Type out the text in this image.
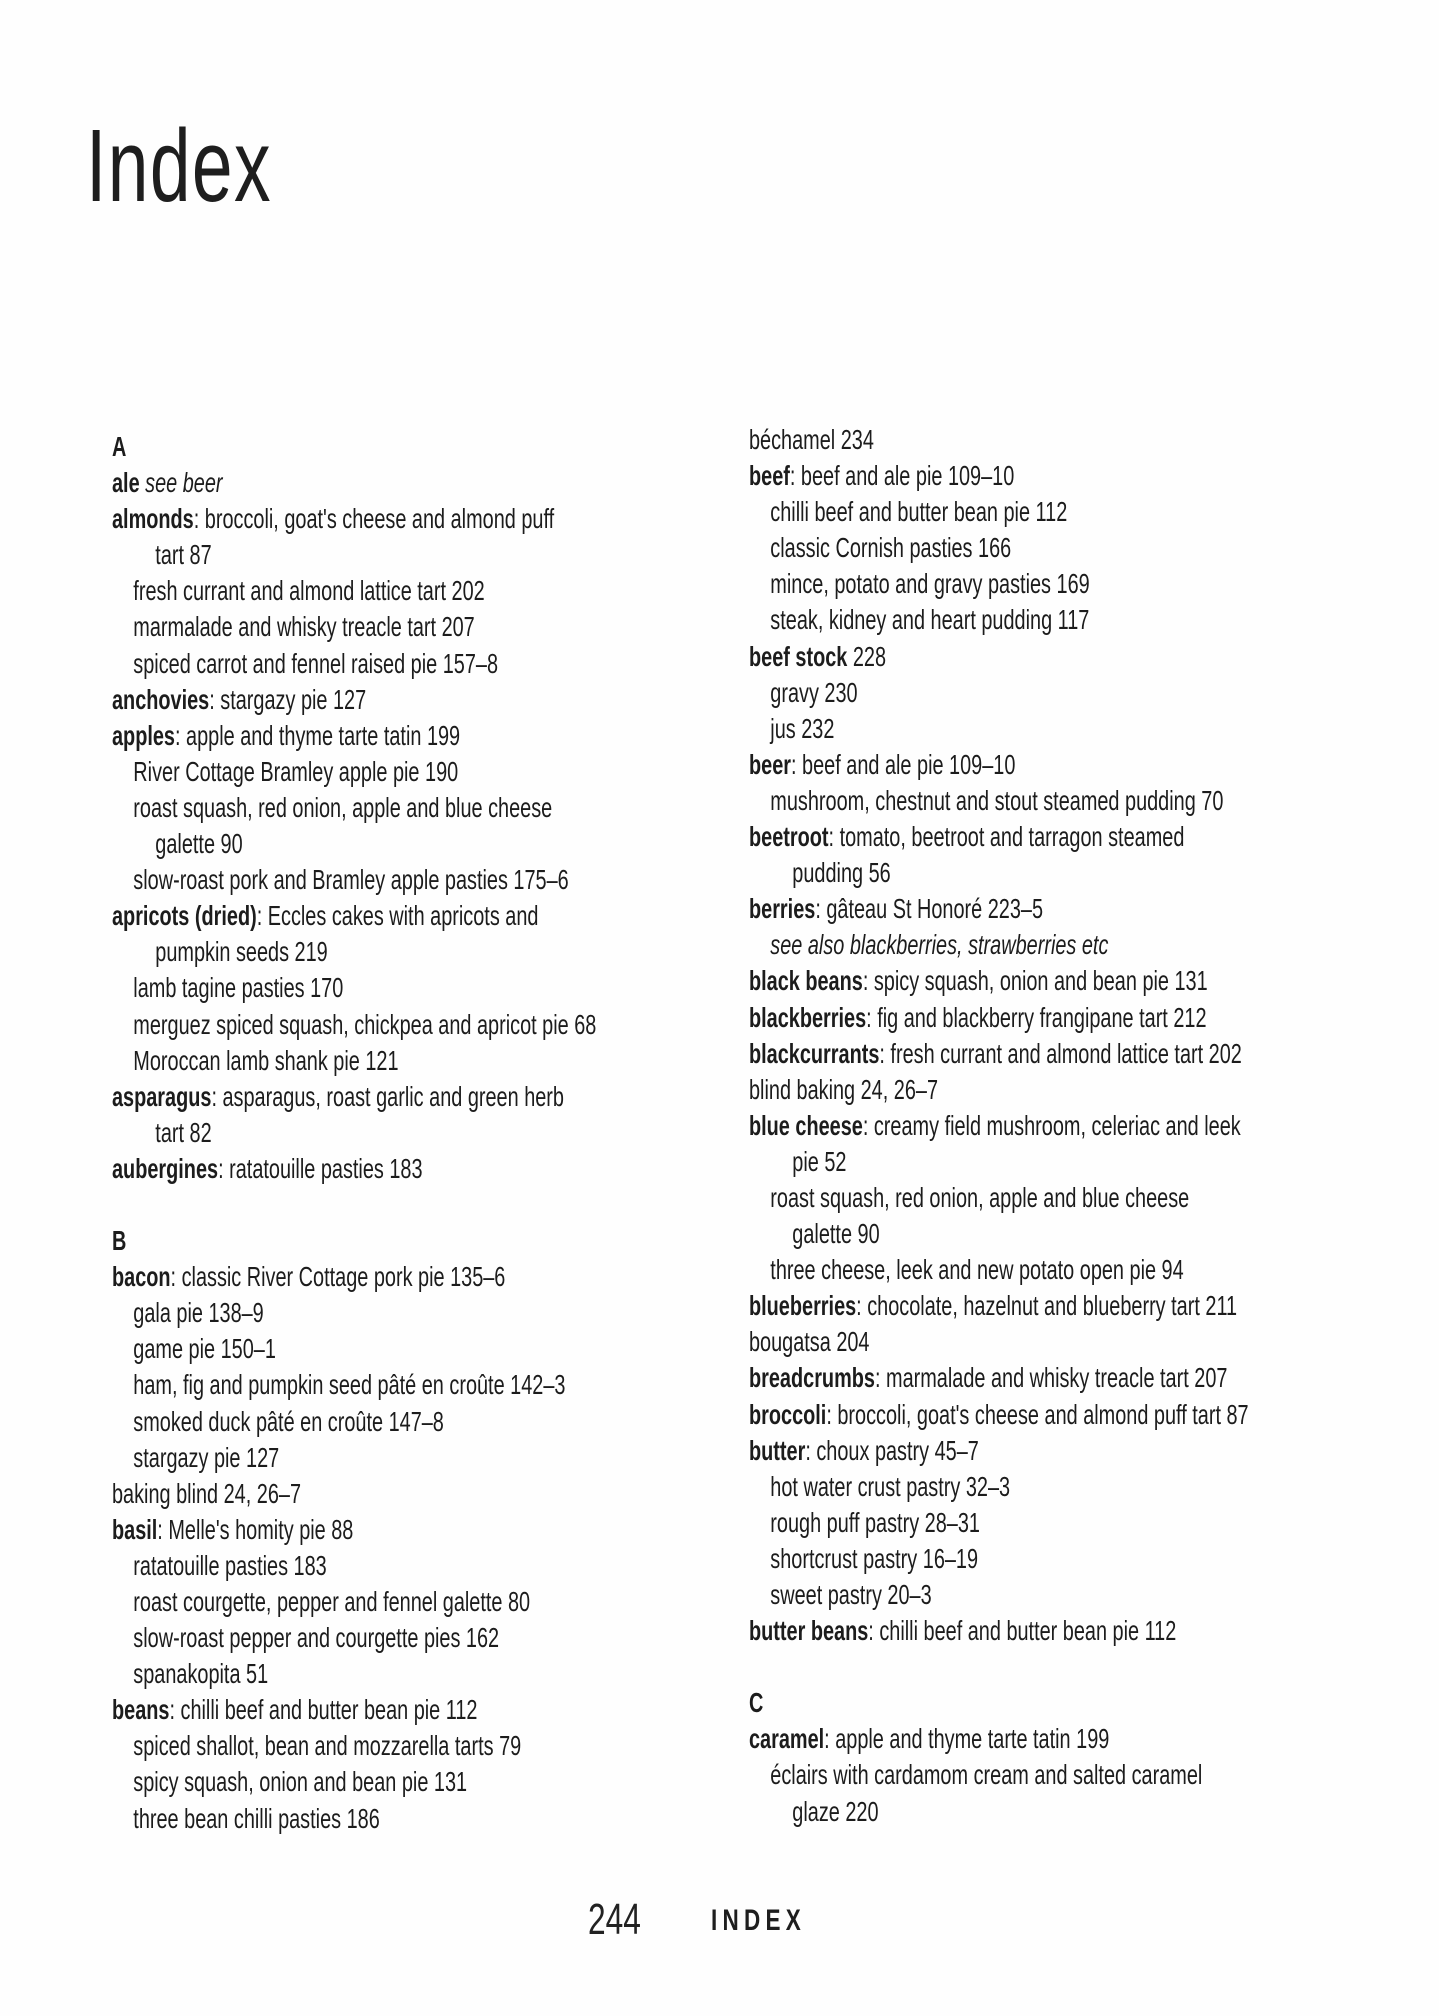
Index
A
ale see beer
almonds: broccoli, goat's cheese and almond puff
tart 87
fresh currant and almond lattice tart 202
marmalade and whisky treacle tart 207
spiced carrot and fennel raised pie 157–8
anchovies: stargazy pie 127
apples: apple and thyme tarte tatin 199
River Cottage Bramley apple pie 190
roast squash, red onion, apple and blue cheese
galette 90
slow-roast pork and Bramley apple pasties 175–6
apricots (dried): Eccles cakes with apricots and
pumpkin seeds 219
lamb tagine pasties 170
merguez spiced squash, chickpea and apricot pie 68
Moroccan lamb shank pie 121
asparagus: asparagus, roast garlic and green herb
tart 82
aubergines: ratatouille pasties 183
B
bacon: classic River Cottage pork pie 135–6
gala pie 138–9
game pie 150–1
ham, fig and pumpkin seed pâté en croûte 142–3
smoked duck pâté en croûte 147–8
stargazy pie 127
baking blind 24, 26–7
basil: Melle's homity pie 88
ratatouille pasties 183
roast courgette, pepper and fennel galette 80
slow-roast pepper and courgette pies 162
spanakopita 51
beans: chilli beef and butter bean pie 112
spiced shallot, bean and mozzarella tarts 79
spicy squash, onion and bean pie 131
three bean chilli pasties 186
béchamel 234
beef: beef and ale pie 109–10
chilli beef and butter bean pie 112
classic Cornish pasties 166
mince, potato and gravy pasties 169
steak, kidney and heart pudding 117
beef stock 228
gravy 230
jus 232
beer: beef and ale pie 109–10
mushroom, chestnut and stout steamed pudding 70
beetroot: tomato, beetroot and tarragon steamed
pudding 56
berries: gâteau St Honoré 223–5
see also blackberries, strawberries etc
black beans: spicy squash, onion and bean pie 131
blackberries: fig and blackberry frangipane tart 212
blackcurrants: fresh currant and almond lattice tart 202
blind baking 24, 26–7
blue cheese: creamy field mushroom, celeriac and leek
pie 52
roast squash, red onion, apple and blue cheese
galette 90
three cheese, leek and new potato open pie 94
blueberries: chocolate, hazelnut and blueberry tart 211
bougatsa 204
breadcrumbs: marmalade and whisky treacle tart 207
broccoli: broccoli, goat's cheese and almond puff tart 87
butter: choux pastry 45–7
hot water crust pastry 32–3
rough puff pastry 28–31
shortcrust pastry 16–19
sweet pastry 20–3
butter beans: chilli beef and butter bean pie 112
C
caramel: apple and thyme tarte tatin 199
éclairs with cardamom cream and salted caramel
glaze 220
244 INDEX
